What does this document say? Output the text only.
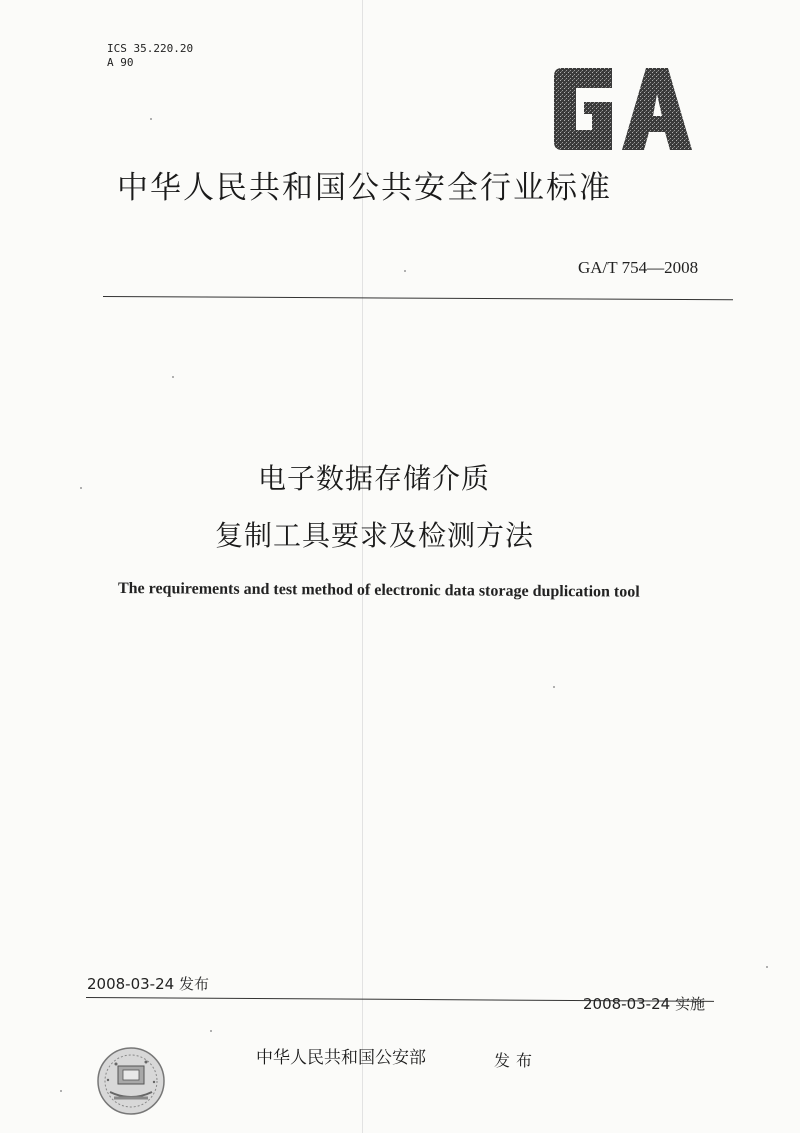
ICS 35.220.20
A 90
中华人民共和国公共安全行业标准
GA/T 754—2008
电子数据存储介质
复制工具要求及检测方法
The requirements and test method of electronic data storage duplication tool
2008-03-24 发布
2008-03-24 实施
中华人民共和国公安部	发布
